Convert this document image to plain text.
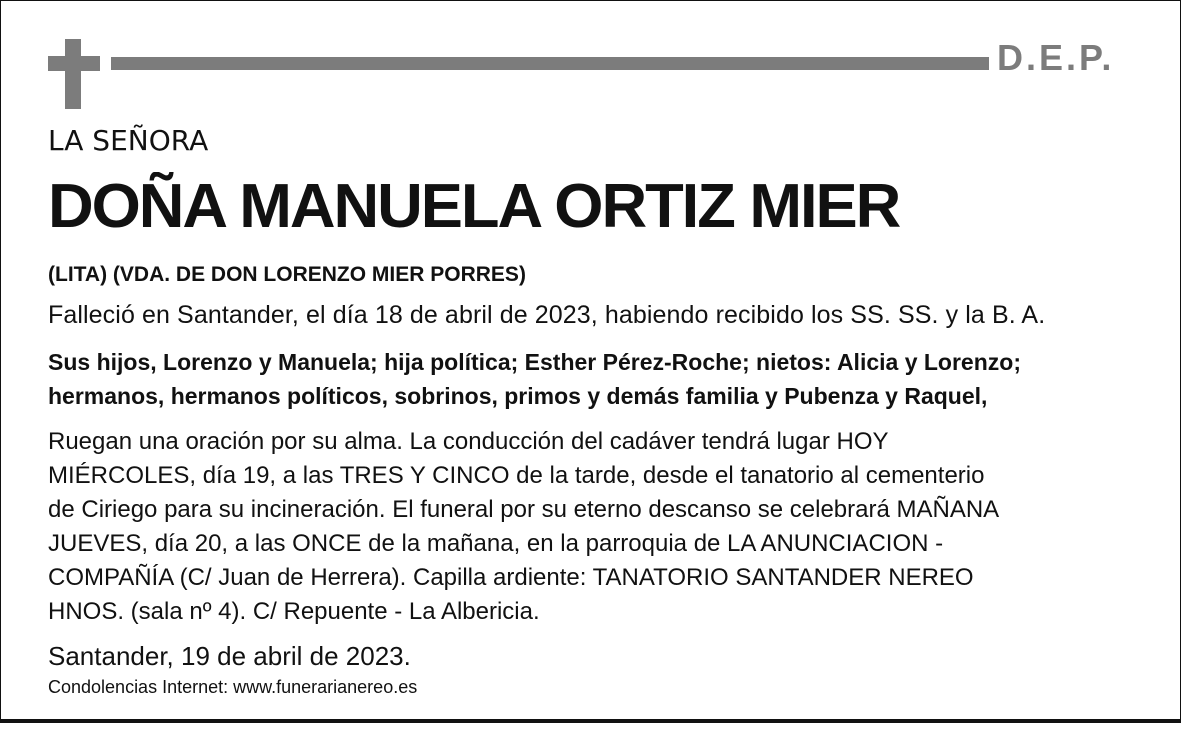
D.E.P.
LA SEÑORA
DOÑA MANUELA ORTIZ MIER
(LITA) (VDA. DE DON LORENZO MIER PORRES)
Falleció en Santander, el día 18 de abril de 2023, habiendo recibido los SS. SS. y la B. A.
Sus hijos, Lorenzo y Manuela; hija política; Esther Pérez-Roche; nietos: Alicia y Lorenzo;
hermanos, hermanos políticos, sobrinos, primos y demás familia y Pubenza y Raquel,
Ruegan una oración por su alma. La conducción del cadáver tendrá lugar HOY
MIÉRCOLES, día 19, a las TRES Y CINCO de la tarde, desde el tanatorio al cementerio
de Ciriego para su incineración. El funeral por su eterno descanso se celebrará MAÑANA
JUEVES, día 20, a las ONCE de la mañana, en la parroquia de LA ANUNCIACION -
COMPAÑÍA (C/ Juan de Herrera). Capilla ardiente: TANATORIO SANTANDER NEREO
HNOS. (sala nº 4). C/ Repuente - La Albericia.
Santander, 19 de abril de 2023.
Condolencias Internet: www.funerarianereo.es
